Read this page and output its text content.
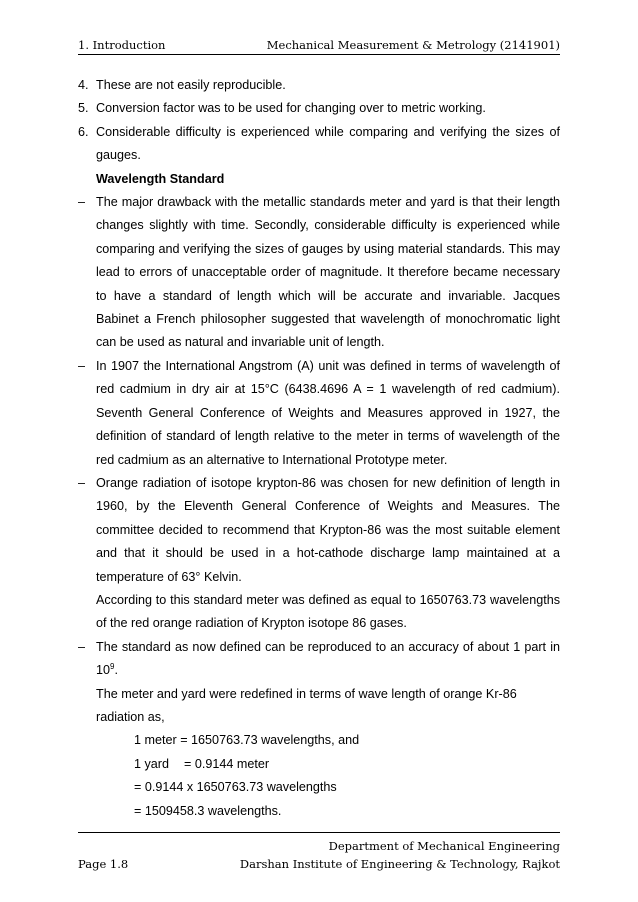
1. Introduction	Mechanical Measurement & Metrology (2141901)
4. These are not easily reproducible.
5. Conversion factor was to be used for changing over to metric working.
6. Considerable difficulty is experienced while comparing and verifying the sizes of gauges.
Wavelength Standard
– The major drawback with the metallic standards meter and yard is that their length changes slightly with time. Secondly, considerable difficulty is experienced while comparing and verifying the sizes of gauges by using material standards. This may lead to errors of unacceptable order of magnitude. It therefore became necessary to have a standard of length which will be accurate and invariable. Jacques Babinet a French philosopher suggested that wavelength of monochromatic light can be used as natural and invariable unit of length.
– In 1907 the International Angstrom (A) unit was defined in terms of wavelength of red cadmium in dry air at 15°C (6438.4696 A = 1 wavelength of red cadmium). Seventh General Conference of Weights and Measures approved in 1927, the definition of standard of length relative to the meter in terms of wavelength of the red cadmium as an alternative to International Prototype meter.
– Orange radiation of isotope krypton-86 was chosen for new definition of length in 1960, by the Eleventh General Conference of Weights and Measures. The committee decided to recommend that Krypton-86 was the most suitable element and that it should be used in a hot-cathode discharge lamp maintained at a temperature of 63° Kelvin.
According to this standard meter was defined as equal to 1650763.73 wavelengths of the red orange radiation of Krypton isotope 86 gases.
– The standard as now defined can be reproduced to an accuracy of about 1 part in $10^9$.
The meter and yard were redefined in terms of wave length of orange Kr-86 radiation as,
1 meter = 1650763.73 wavelengths, and
1 yard = 0.9144 meter
= 0.9144 x 1650763.73 wavelengths
= 1509458.3 wavelengths.
Department of Mechanical Engineering
Page 1.8	Darshan Institute of Engineering & Technology, Rajkot
